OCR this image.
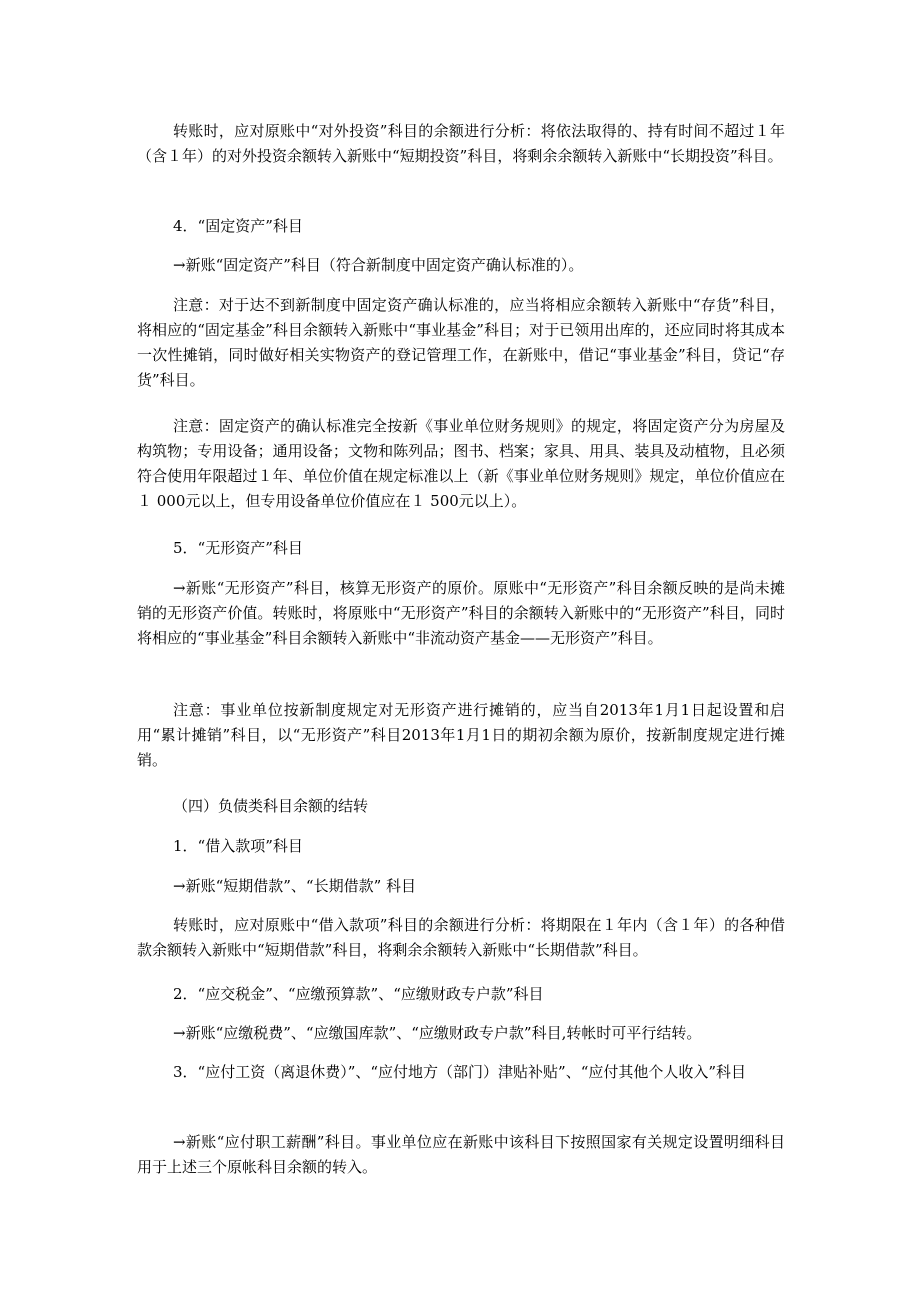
转账时，应对原账中“对外投资”科目的余额进行分析：将依法取得的、持有时间不超过１年（含１年）的对外投资余额转入新账中“短期投资”科目，将剩余余额转入新账中“长期投资”科目。

4．“固定资产”科目

→新账“固定资产”科目（符合新制度中固定资产确认标准的）。

注意：对于达不到新制度中固定资产确认标准的，应当将相应余额转入新账中“存货”科目，将相应的“固定基金”科目余额转入新账中“事业基金”科目；对于已领用出库的，还应同时将其成本一次性摊销，同时做好相关实物资产的登记管理工作，在新账中，借记“事业基金”科目，贷记“存货”科目。

注意：固定资产的确认标准完全按新《事业单位财务规则》的规定，将固定资产分为房屋及构筑物；专用设备；通用设备；文物和陈列品；图书、档案；家具、用具、装具及动植物，且必须符合使用年限超过１年、单位价值在规定标准以上（新《事业单位财务规则》规定，单位价值应在１ 000元以上，但专用设备单位价值应在１ 500元以上）。

5．“无形资产”科目

→新账“无形资产”科目，核算无形资产的原价。原账中“无形资产”科目余额反映的是尚未摊销的无形资产价值。转账时，将原账中“无形资产”科目的余额转入新账中的“无形资产”科目，同时将相应的“事业基金”科目余额转入新账中“非流动资产基金——无形资产”科目。

注意：事业单位按新制度规定对无形资产进行摊销的，应当自2013年1月1日起设置和启用“累计摊销”科目，以“无形资产”科目2013年1月1日的期初余额为原价，按新制度规定进行摊销。

（四）负债类科目余额的结转

1．“借入款项”科目

→新账“短期借款”、“长期借款” 科目

转账时，应对原账中“借入款项”科目的余额进行分析：将期限在１年内（含１年）的各种借款余额转入新账中“短期借款”科目，将剩余余额转入新账中“长期借款”科目。

2．“应交税金”、“应缴预算款”、“应缴财政专户款”科目

→新账“应缴税费”、“应缴国库款”、“应缴财政专户款”科目,转帐时可平行结转。

3．“应付工资（离退休费）”、“应付地方（部门）津贴补贴”、“应付其他个人收入”科目

→新账“应付职工薪酬”科目。事业单位应在新账中该科目下按照国家有关规定设置明细科目用于上述三个原帐科目余额的转入。
